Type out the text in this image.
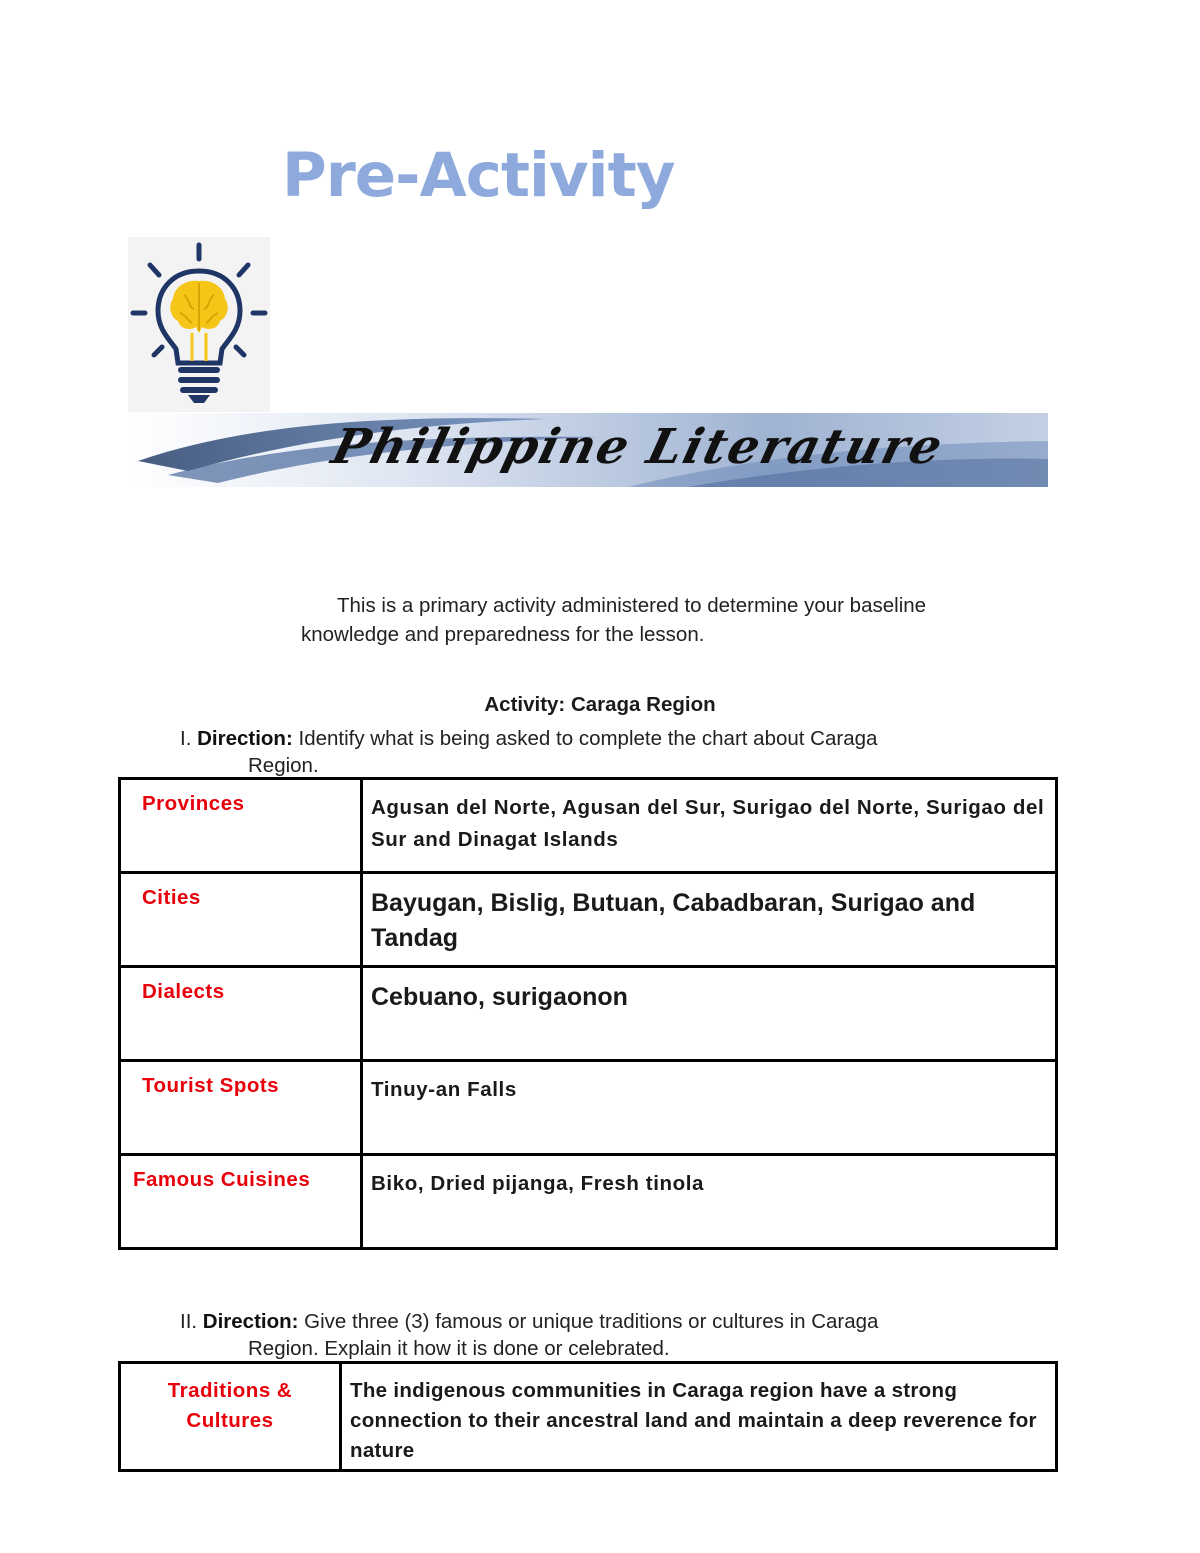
Pre-Activity
Philippine Literature
This is a primary activity administered to determine your baseline
knowledge and preparedness for the lesson.
Activity: Caraga Region
I. Direction: Identify what is being asked to complete the chart about Caraga
Region.
Provinces	Agusan del Norte, Agusan del Sur, Surigao del Norte, Surigao del Sur and Dinagat Islands
Cities	Bayugan, Bislig, Butuan, Cabadbaran, Surigao and Tandag
Dialects	Cebuano, surigaonon
Tourist Spots	Tinuy-an Falls
Famous Cuisines	Biko, Dried pijanga, Fresh tinola
II. Direction: Give three (3) famous or unique traditions or cultures in Caraga
Region. Explain it how it is done or celebrated.
Traditions &
Cultures	The indigenous communities in Caraga region have a strong connection to their ancestral land and maintain a deep reverence for nature
